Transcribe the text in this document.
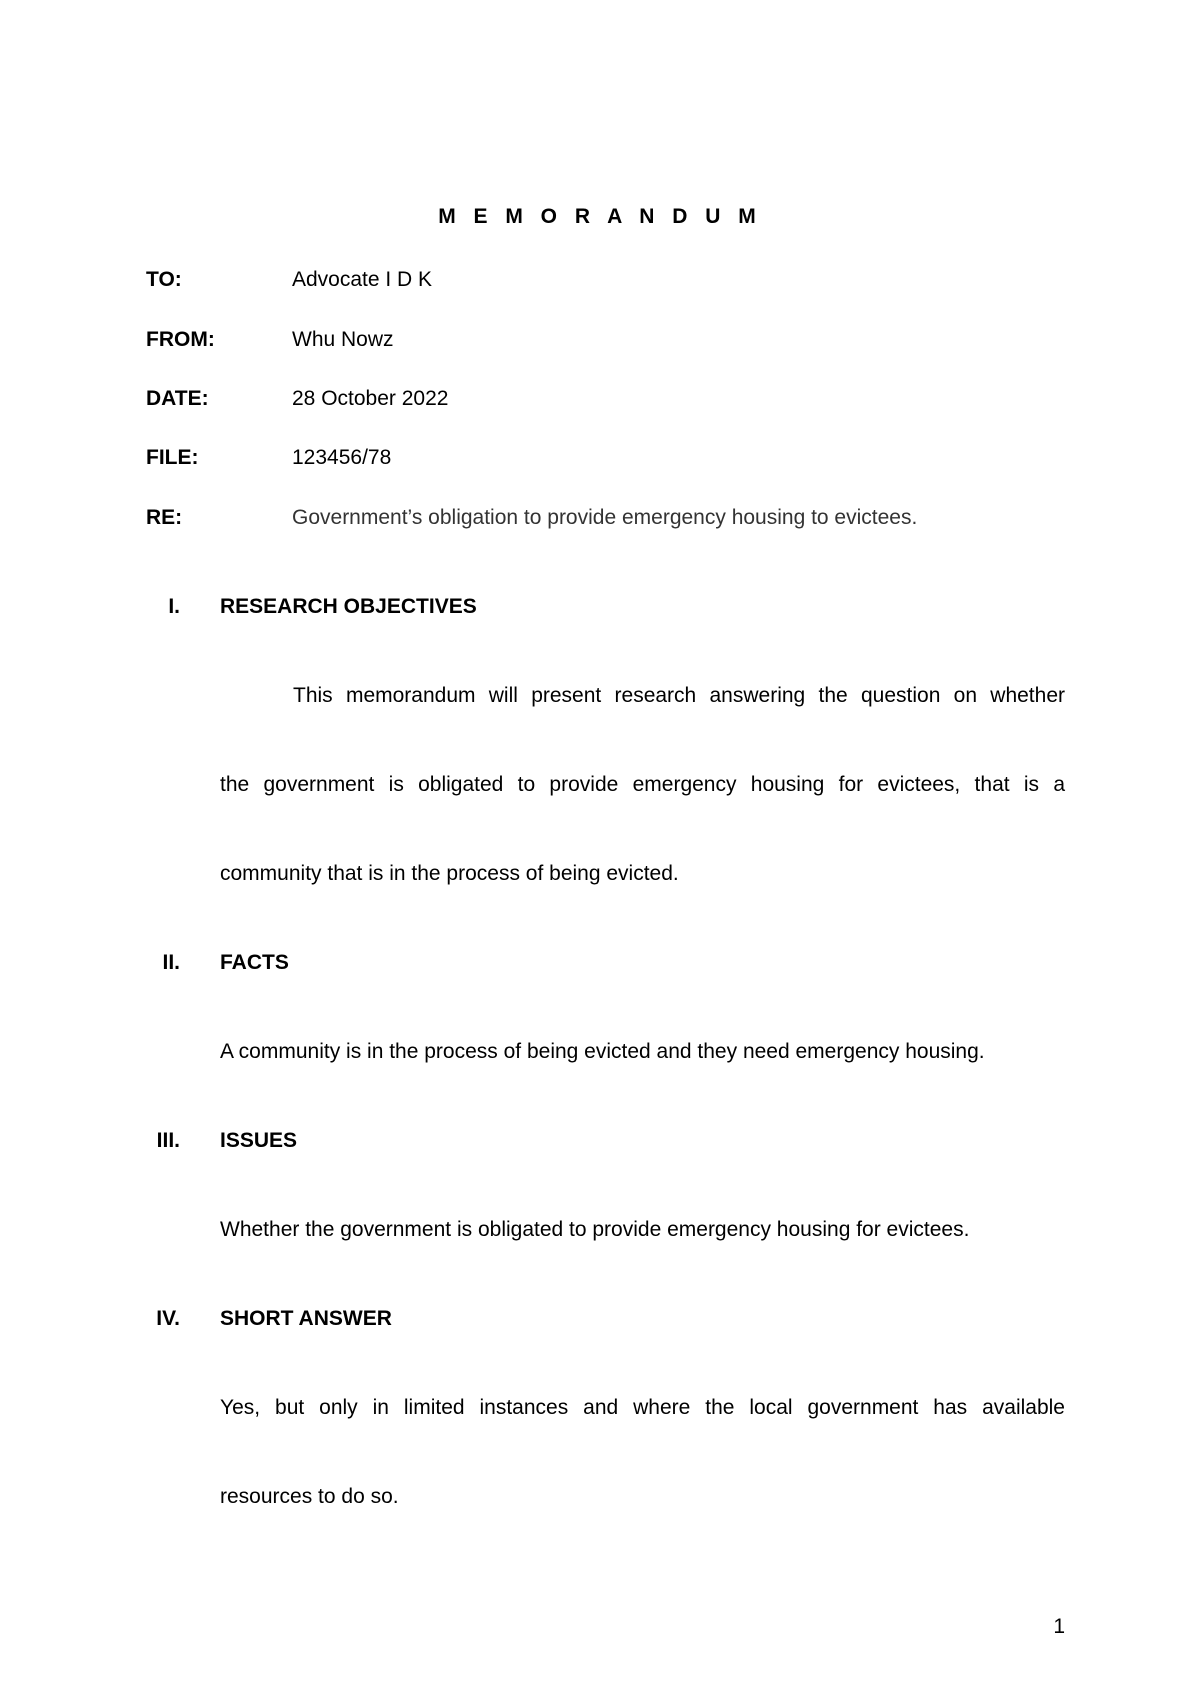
M E M O R A N D U M
TO:	Advocate I D K
FROM:	Whu Nowz
DATE:	28 October 2022
FILE:	123456/78
RE:	Government’s obligation to provide emergency housing to evictees.
I. RESEARCH OBJECTIVES
This memorandum will present research answering the question on whether
the government is obligated to provide emergency housing for evictees, that is a
community that is in the process of being evicted.
II. FACTS
A community is in the process of being evicted and they need emergency housing.
III. ISSUES
Whether the government is obligated to provide emergency housing for evictees.
IV. SHORT ANSWER
Yes, but only in limited instances and where the local government has available
resources to do so.
1
